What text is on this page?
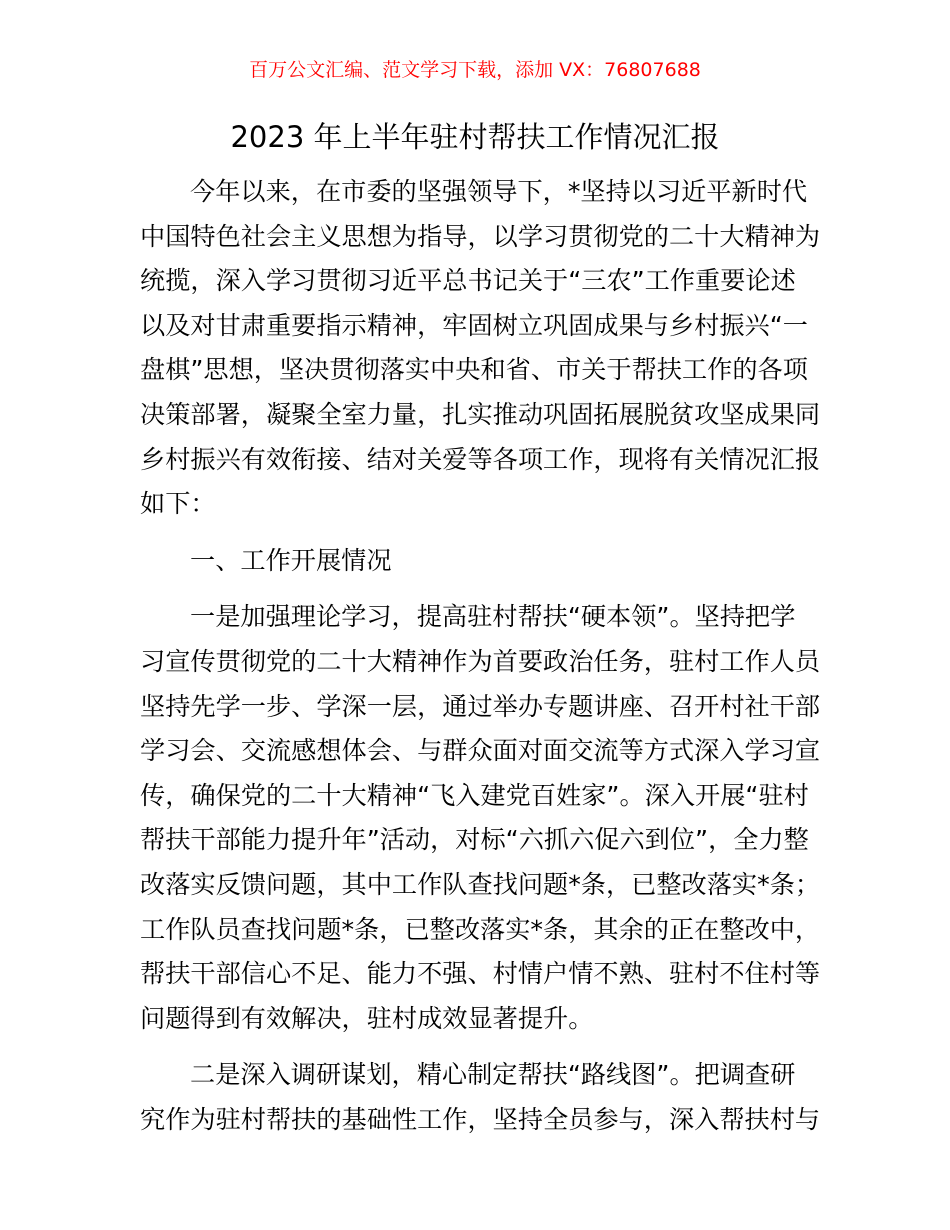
百万公文汇编、范文学习下载，添加 VX：76807688
2023 年上半年驻村帮扶工作情况汇报
今年以来，在市委的坚强领导下，*坚持以习近平新时代
中国特色社会主义思想为指导，以学习贯彻党的二十大精神为
统揽，深入学习贯彻习近平总书记关于“三农”工作重要论述
以及对甘肃重要指示精神，牢固树立巩固成果与乡村振兴“一
盘棋”思想，坚决贯彻落实中央和省、市关于帮扶工作的各项
决策部署，凝聚全室力量，扎实推动巩固拓展脱贫攻坚成果同
乡村振兴有效衔接、结对关爱等各项工作，现将有关情况汇报
如下：
一、工作开展情况
一是加强理论学习，提高驻村帮扶“硬本领”。坚持把学
习宣传贯彻党的二十大精神作为首要政治任务，驻村工作人员
坚持先学一步、学深一层，通过举办专题讲座、召开村社干部
学习会、交流感想体会、与群众面对面交流等方式深入学习宣
传，确保党的二十大精神“飞入建党百姓家”。深入开展“驻村
帮扶干部能力提升年”活动，对标“六抓六促六到位”，全力整
改落实反馈问题，其中工作队查找问题*条，已整改落实*条；
工作队员查找问题*条，已整改落实*条，其余的正在整改中，
帮扶干部信心不足、能力不强、村情户情不熟、驻村不住村等
问题得到有效解决，驻村成效显著提升。
二是深入调研谋划，精心制定帮扶“路线图”。把调查研
究作为驻村帮扶的基础性工作，坚持全员参与，深入帮扶村与
